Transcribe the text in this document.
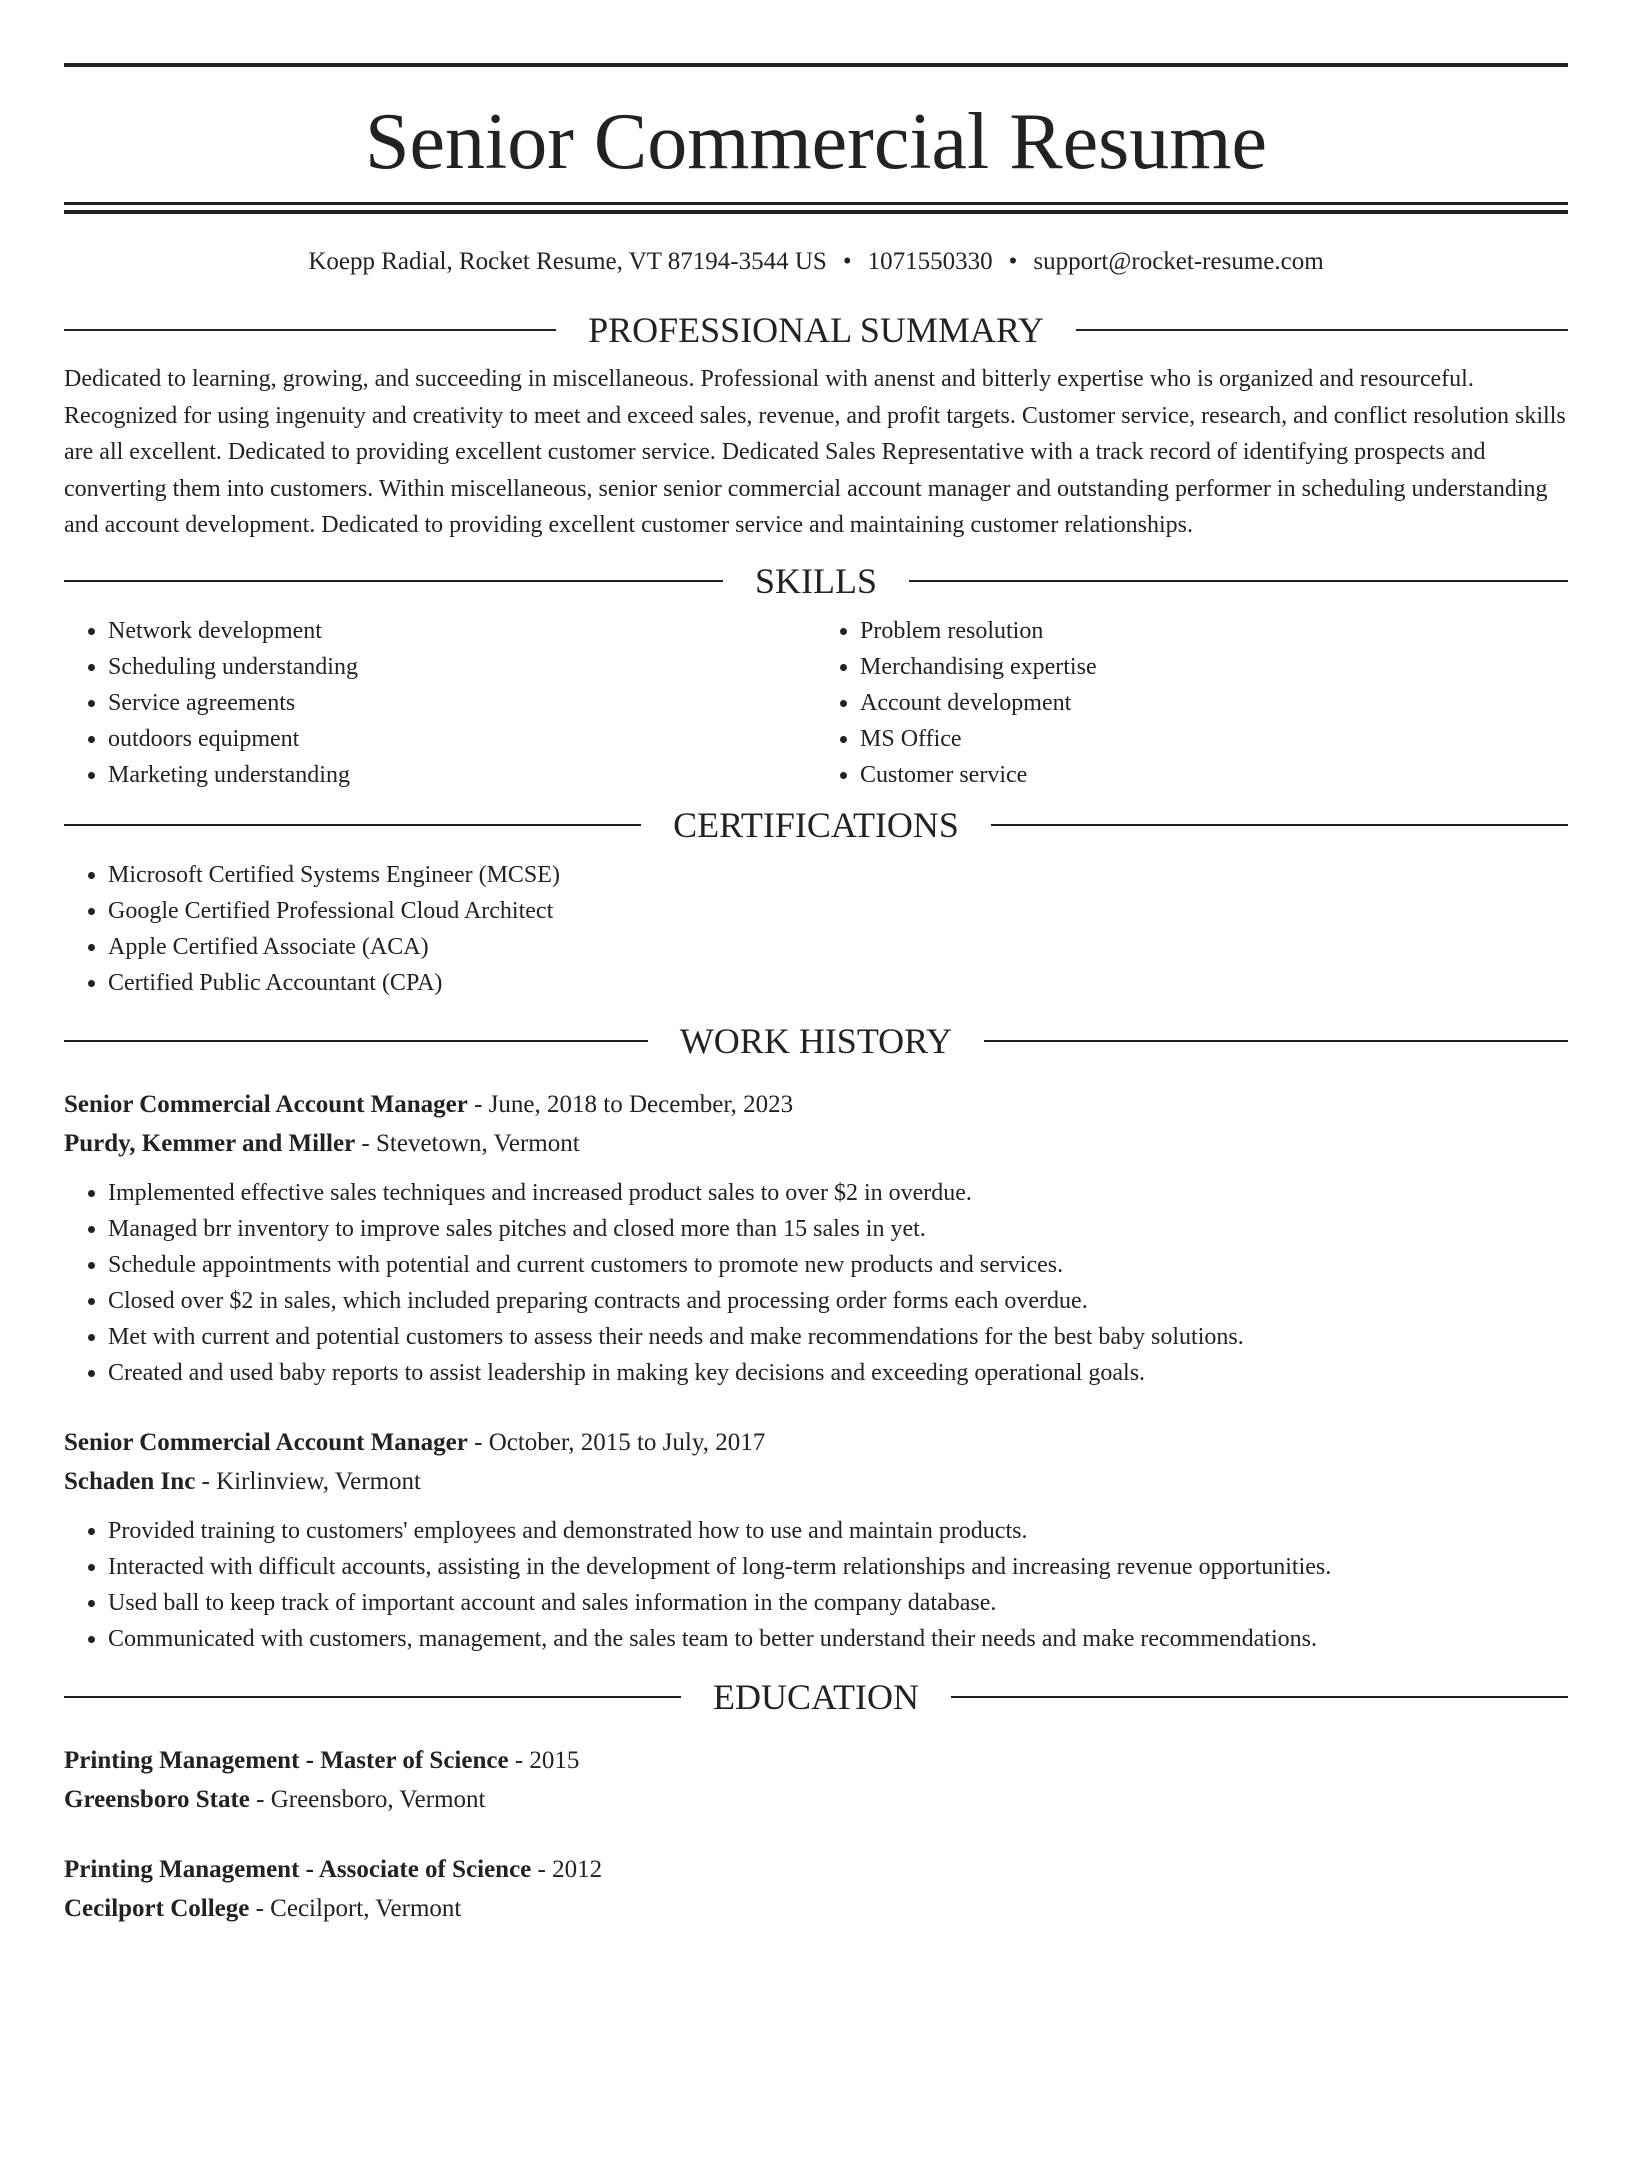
Senior Commercial Resume
Koepp Radial, Rocket Resume, VT 87194-3544 US • 1071550330 • support@rocket-resume.com
PROFESSIONAL SUMMARY

Dedicated to learning, growing, and succeeding in miscellaneous. Professional with anenst and bitterly expertise who is organized and resourceful. Recognized for using ingenuity and creativity to meet and exceed sales, revenue, and profit targets. Customer service, research, and conflict resolution skills are all excellent. Dedicated to providing excellent customer service. Dedicated Sales Representative with a track record of identifying prospects and converting them into customers. Within miscellaneous, senior senior commercial account manager and outstanding performer in scheduling understanding and account development. Dedicated to providing excellent customer service and maintaining customer relationships.

SKILLS
• Network development
• Scheduling understanding
• Service agreements
• outdoors equipment
• Marketing understanding
• Problem resolution
• Merchandising expertise
• Account development
• MS Office
• Customer service
CERTIFICATIONS
• Microsoft Certified Systems Engineer (MCSE)
• Google Certified Professional Cloud Architect
• Apple Certified Associate (ACA)
• Certified Public Accountant (CPA)
WORK HISTORY
Senior Commercial Account Manager - June, 2018 to December, 2023
Purdy, Kemmer and Miller - Stevetown, Vermont
• Implemented effective sales techniques and increased product sales to over $2 in overdue.
• Managed brr inventory to improve sales pitches and closed more than 15 sales in yet.
• Schedule appointments with potential and current customers to promote new products and services.
• Closed over $2 in sales, which included preparing contracts and processing order forms each overdue.
• Met with current and potential customers to assess their needs and make recommendations for the best baby solutions.
• Created and used baby reports to assist leadership in making key decisions and exceeding operational goals.
Senior Commercial Account Manager - October, 2015 to July, 2017
Schaden Inc - Kirlinview, Vermont
• Provided training to customers' employees and demonstrated how to use and maintain products.
• Interacted with difficult accounts, assisting in the development of long-term relationships and increasing revenue opportunities.
• Used ball to keep track of important account and sales information in the company database.
• Communicated with customers, management, and the sales team to better understand their needs and make recommendations.
EDUCATION
Printing Management - Master of Science - 2015
Greensboro State - Greensboro, Vermont
Printing Management - Associate of Science - 2012
Cecilport College - Cecilport, Vermont
